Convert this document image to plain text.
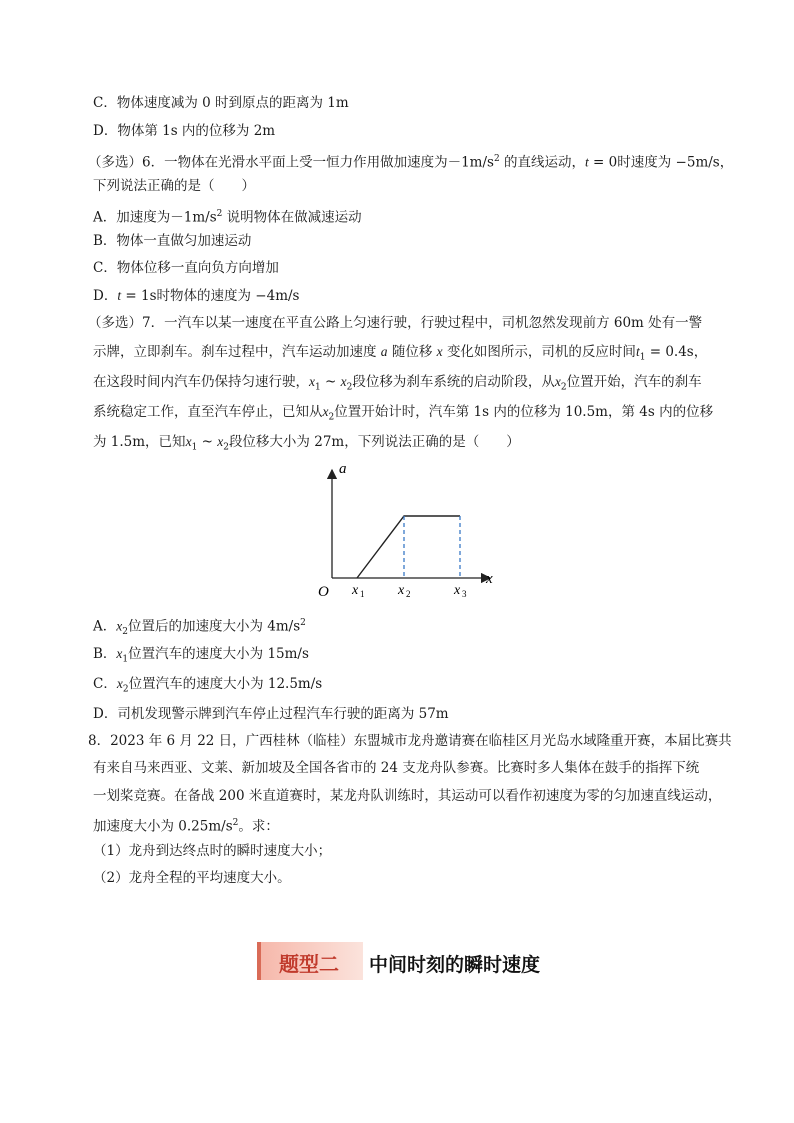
C．物体速度减为 0 时到原点的距离为 1m
D．物体第 1s 内的位移为 2m
（多选）6．一物体在光滑水平面上受一恒力作用做加速度为$-1m/s^2$ 的直线运动，t = 0时速度为 −5m/s，
下列说法正确的是（　　）
A．加速度为$-1m/s^2$ 说明物体在做减速运动
B．物体一直做匀加速运动
C．物体位移一直向负方向增加
D．t = 1s时物体的速度为 −4m/s
（多选）7．一汽车以某一速度在平直公路上匀速行驶，行驶过程中，司机忽然发现前方 60m 处有一警
示牌，立即刹车。刹车过程中，汽车运动加速度 a 随位移 x 变化如图所示，司机的反应时间$t_1 = 0.4s$，
在这段时间内汽车仍保持匀速行驶，$x_1$ ~ $x_2$段位移为刹车系统的启动阶段，从$x_2$位置开始，汽车的刹车
系统稳定工作，直至汽车停止，已知从$x_2$位置开始计时，汽车第 1s 内的位移为 10.5m，第 4s 内的位移
为 1.5m，已知$x_1$ ~ $x_2$段位移大小为 27m，下列说法正确的是（　　）
a
x
O x 1 x 2	x 3
A．$x_2$位置后的加速度大小为 $4m/s^2$
B．$x_1$位置汽车的速度大小为 15m/s
C．$x_2$位置汽车的速度大小为 12.5m/s
D．司机发现警示牌到汽车停止过程汽车行驶的距离为 57m
8．2023 年 6 月 22 日，广西桂林（临桂）东盟城市龙舟邀请赛在临桂区月光岛水域隆重开赛，本届比赛共
有来自马来西亚、文莱、新加坡及全国各省市的 24 支龙舟队参赛。比赛时多人集体在鼓手的指挥下统
一划桨竞赛。在备战 200 米直道赛时，某龙舟队训练时，其运动可以看作初速度为零的匀加速直线运动，
加速度大小为 $0.25m/s^2$。求：
（1）龙舟到达终点时的瞬时速度大小；
（2）龙舟全程的平均速度大小。
题型二 中间时刻的瞬时速度
